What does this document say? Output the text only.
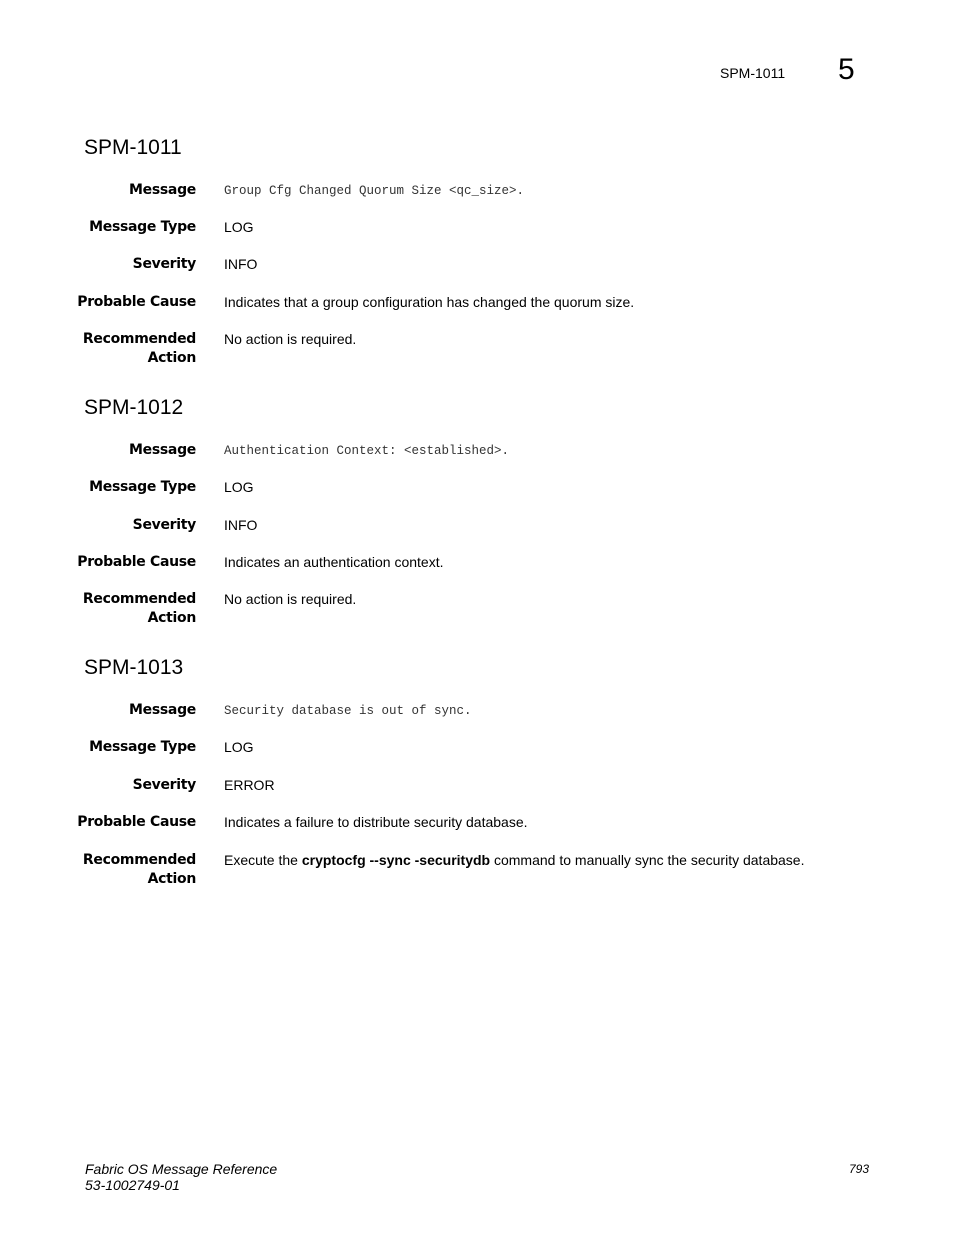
SPM-1011 5
SPM-1011
Message Group Cfg Changed Quorum Size <qc_size>.
Message Type LOG
Severity INFO
Probable Cause Indicates that a group configuration has changed the quorum size.
Recommended
Action
No action is required.
SPM-1012
Message Authentication Context: <established>.
Message Type LOG
Severity INFO
Probable Cause Indicates an authentication context.
Recommended
Action
No action is required.
SPM-1013
Message Security database is out of sync.
Message Type LOG
Severity ERROR
Probable Cause Indicates a failure to distribute security database.
Recommended
Action
Execute the cryptocfg --sync -securitydb command to manually sync the security database.
Fabric OS Message Reference
53-1002749-01
793
